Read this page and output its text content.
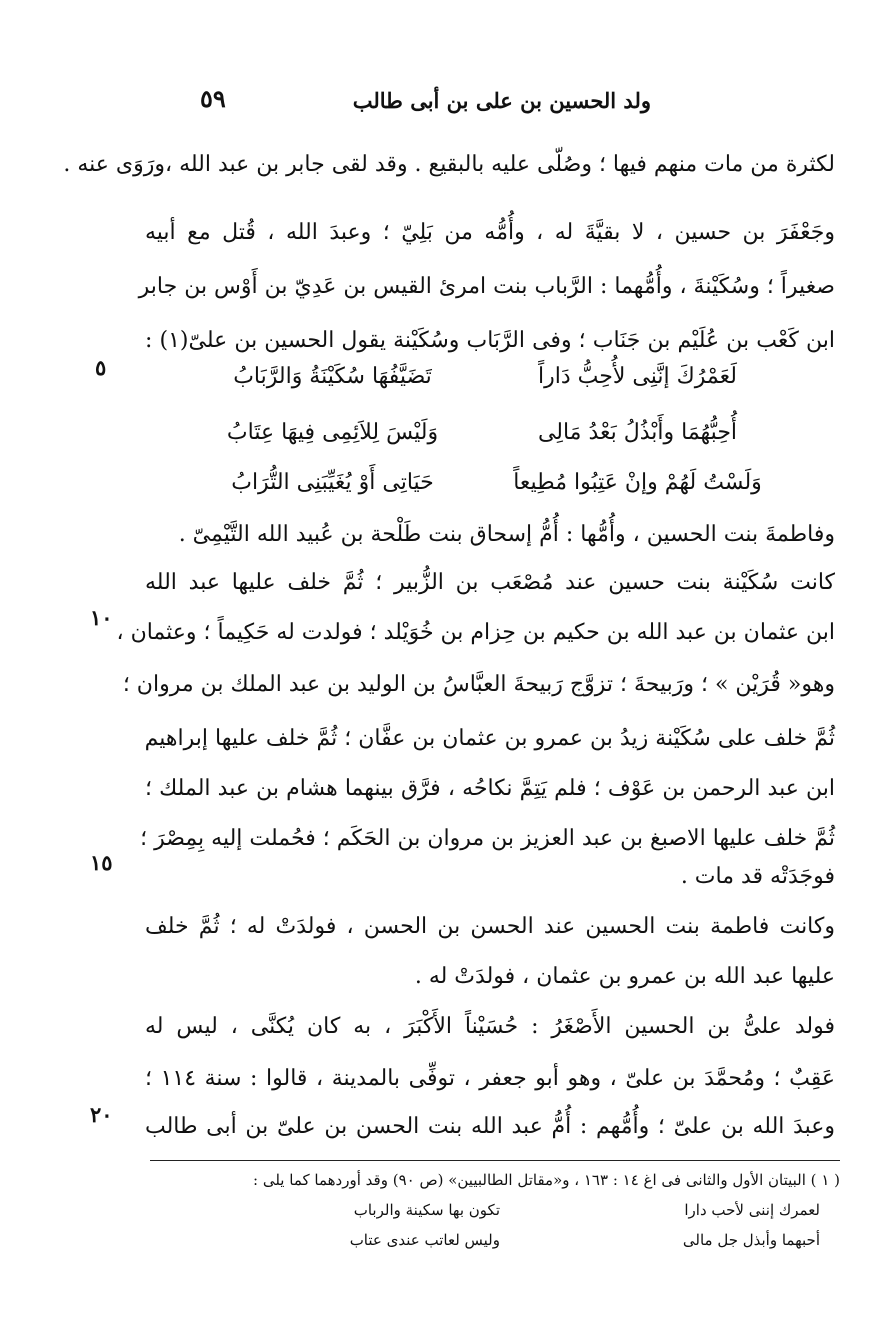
٥٩	ولد الحسين بن على بن أبى طالب
لكثرة من مات منهم فيها ؛ وصُلّى عليه بالبقيع . وقد لقى جابر بن عبد الله ،ورَوَى عنه .
وجَعْفَرَ بن حسين ، لا بقيَّةَ له ، وأُمُّه من بَلِيّ ؛ وعبدَ الله ، قُتل مع أبيه
صغيراً ؛ وسُكَيْنةَ ، وأُمُّهما : الرَّباب بنت امرئ القيس بن عَدِيّ بن أَوْس بن جابر
ابن كَعْب بن عُلَيْم بن جَنَاب ؛ وفى الرَّبَاب وسُكَيْنة يقول الحسين بن علىّ(١) :
لَعَمْرُكَ إنَّنِى لأُحِبُّ دَاراً
تَضَيَّفُهَا سُكَيْنَةُ وَالرَّبَابُ
أُحِبُّهُمَا وأَبْذُلُ بَعْدُ مَالِى
وَلَيْسَ لِلاَئِمِى فِيهَا عِتَابُ
وَلَسْتُ لَهُمْ وإنْ عَتِبُوا مُطِيعاً
حَيَاتِى أَوْ يُغَيِّبَنِى التُّرَابُ
وفاطمةَ بنت الحسين ، وأُمُّها : أُمُّ إسحاق بنت طَلْحة بن عُبيد الله التَّيْمِىّ .
كانت سُكَيْنة بنت حسين عند مُصْعَب بن الزُّبير ؛ ثُمَّ خلف عليها عبد الله
ابن عثمان بن عبد الله بن حكيم بن حِزام بن خُوَيْلد ؛ فولدت له حَكِيماً ؛ وعثمان ،
وهو« قُرَيْن » ؛ ورَبيحةَ ؛ تزوَّج رَبيحةَ العبَّاسُ بن الوليد بن عبد الملك بن مروان ؛
ثُمَّ خلف على سُكَيْنة زيدُ بن عمرو بن عثمان بن عفَّان ؛ ثُمَّ خلف عليها إبراهيم
ابن عبد الرحمن بن عَوْف ؛ فلم يَتِمَّ نكاحُه ، فرَّق بينهما هشام بن عبد الملك ؛
ثُمَّ خلف عليها الاصبغ بن عبد العزيز بن مروان بن الحَكَم ؛ فحُملت إليه بِمِصْرَ ؛
فوجَدَتْه قد مات .
وكانت فاطمة بنت الحسين عند الحسن بن الحسن ، فولدَتْ له ؛ ثُمَّ خلف
عليها عبد الله بن عمرو بن عثمان ، فولدَتْ له .
فولد علىُّ بن الحسين الأَصْغَرُ : حُسَيْناً الأَكْبَرَ ، به كان يُكنَّى ، ليس له
عَقِبٌ ؛ ومُحمَّدَ بن علىّ ، وهو أبو جعفر ، توفِّى بالمدينة ، قالوا : سنة ١١٤ ؛
وعبدَ الله بن علىّ ؛ وأُمُّهم : أُمُّ عبد الله بنت الحسن بن علىّ بن أبى طالب
٥
١٠
١٥
٢٠
( ١ ) البيتان الأول والثانى فى اغ ١٤ : ١٦٣ ، و«مقاتل الطالبيين» (ص ٩٠) وقد أوردهما كما يلى :
لعمرك إننى لأحب دارا
تكون بها سكينة والرباب
أحبهما وأبذل جل مالى
وليس لعاتب عندى عتاب
